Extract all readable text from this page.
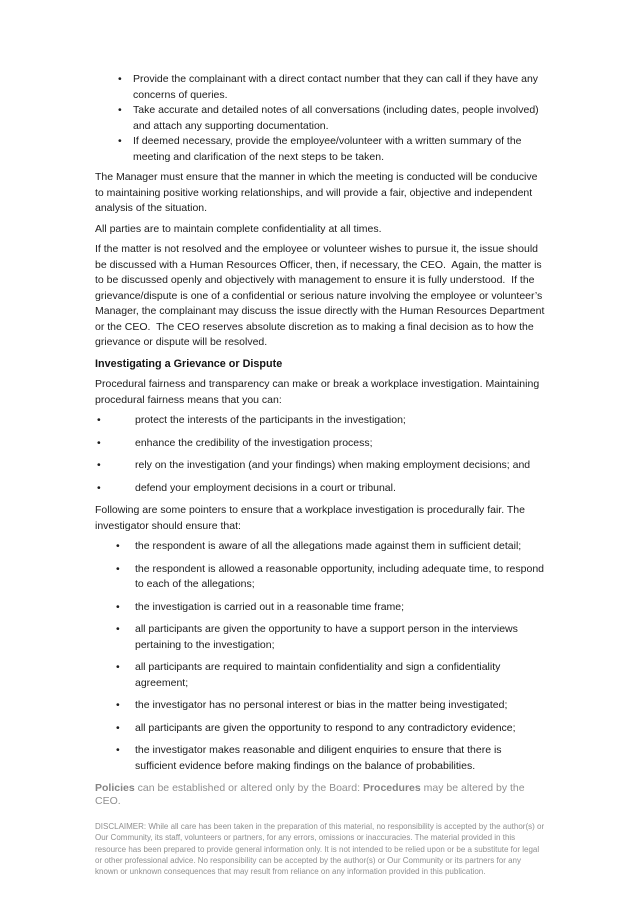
•	Provide the complainant with a direct contact number that they can call if they have any concerns of queries.
•	Take accurate and detailed notes of all conversations (including dates, people involved) and attach any supporting documentation.
•	If deemed necessary, provide the employee/volunteer with a written summary of the meeting and clarification of the next steps to be taken.

The Manager must ensure that the manner in which the meeting is conducted will be conducive to maintaining positive working relationships, and will provide a fair, objective and independent analysis of the situation.

All parties are to maintain complete confidentiality at all times.

If the matter is not resolved and the employee or volunteer wishes to pursue it, the issue should be discussed with a Human Resources Officer, then, if necessary, the CEO.  Again, the matter is to be discussed openly and objectively with management to ensure it is fully understood.  If the grievance/dispute is one of a confidential or serious nature involving the employee or volunteer’s Manager, the complainant may discuss the issue directly with the Human Resources Department or the CEO.  The CEO reserves absolute discretion as to making a final decision as to how the grievance or dispute will be resolved.

Investigating a Grievance or Dispute

Procedural fairness and transparency can make or break a workplace investigation. Maintaining procedural fairness means that you can:

•	protect the interests of the participants in the investigation;
•	enhance the credibility of the investigation process;
•	rely on the investigation (and your findings) when making employment decisions; and
•	defend your employment decisions in a court or tribunal.

Following are some pointers to ensure that a workplace investigation is procedurally fair. The investigator should ensure that:

•	the respondent is aware of all the allegations made against them in sufficient detail;
•	the respondent is allowed a reasonable opportunity, including adequate time, to respond to each of the allegations;
•	the investigation is carried out in a reasonable time frame;
•	all participants are given the opportunity to have a support person in the interviews pertaining to the investigation;
•	all participants are required to maintain confidentiality and sign a confidentiality agreement;
•	the investigator has no personal interest or bias in the matter being investigated;
•	all participants are given the opportunity to respond to any contradictory evidence;
•	the investigator makes reasonable and diligent enquiries to ensure that there is sufficient evidence before making findings on the balance of probabilities.

Policies can be established or altered only by the Board: Procedures may be altered by the CEO.

DISCLAIMER: While all care has been taken in the preparation of this material, no responsibility is accepted by the author(s) or Our Community, its staff, volunteers or partners, for any errors, omissions or inaccuracies. The material provided in this resource has been prepared to provide general information only. It is not intended to be relied upon or be a substitute for legal or other professional advice. No responsibility can be accepted by the author(s) or Our Community or its partners for any known or unknown consequences that may result from reliance on any information provided in this publication.
